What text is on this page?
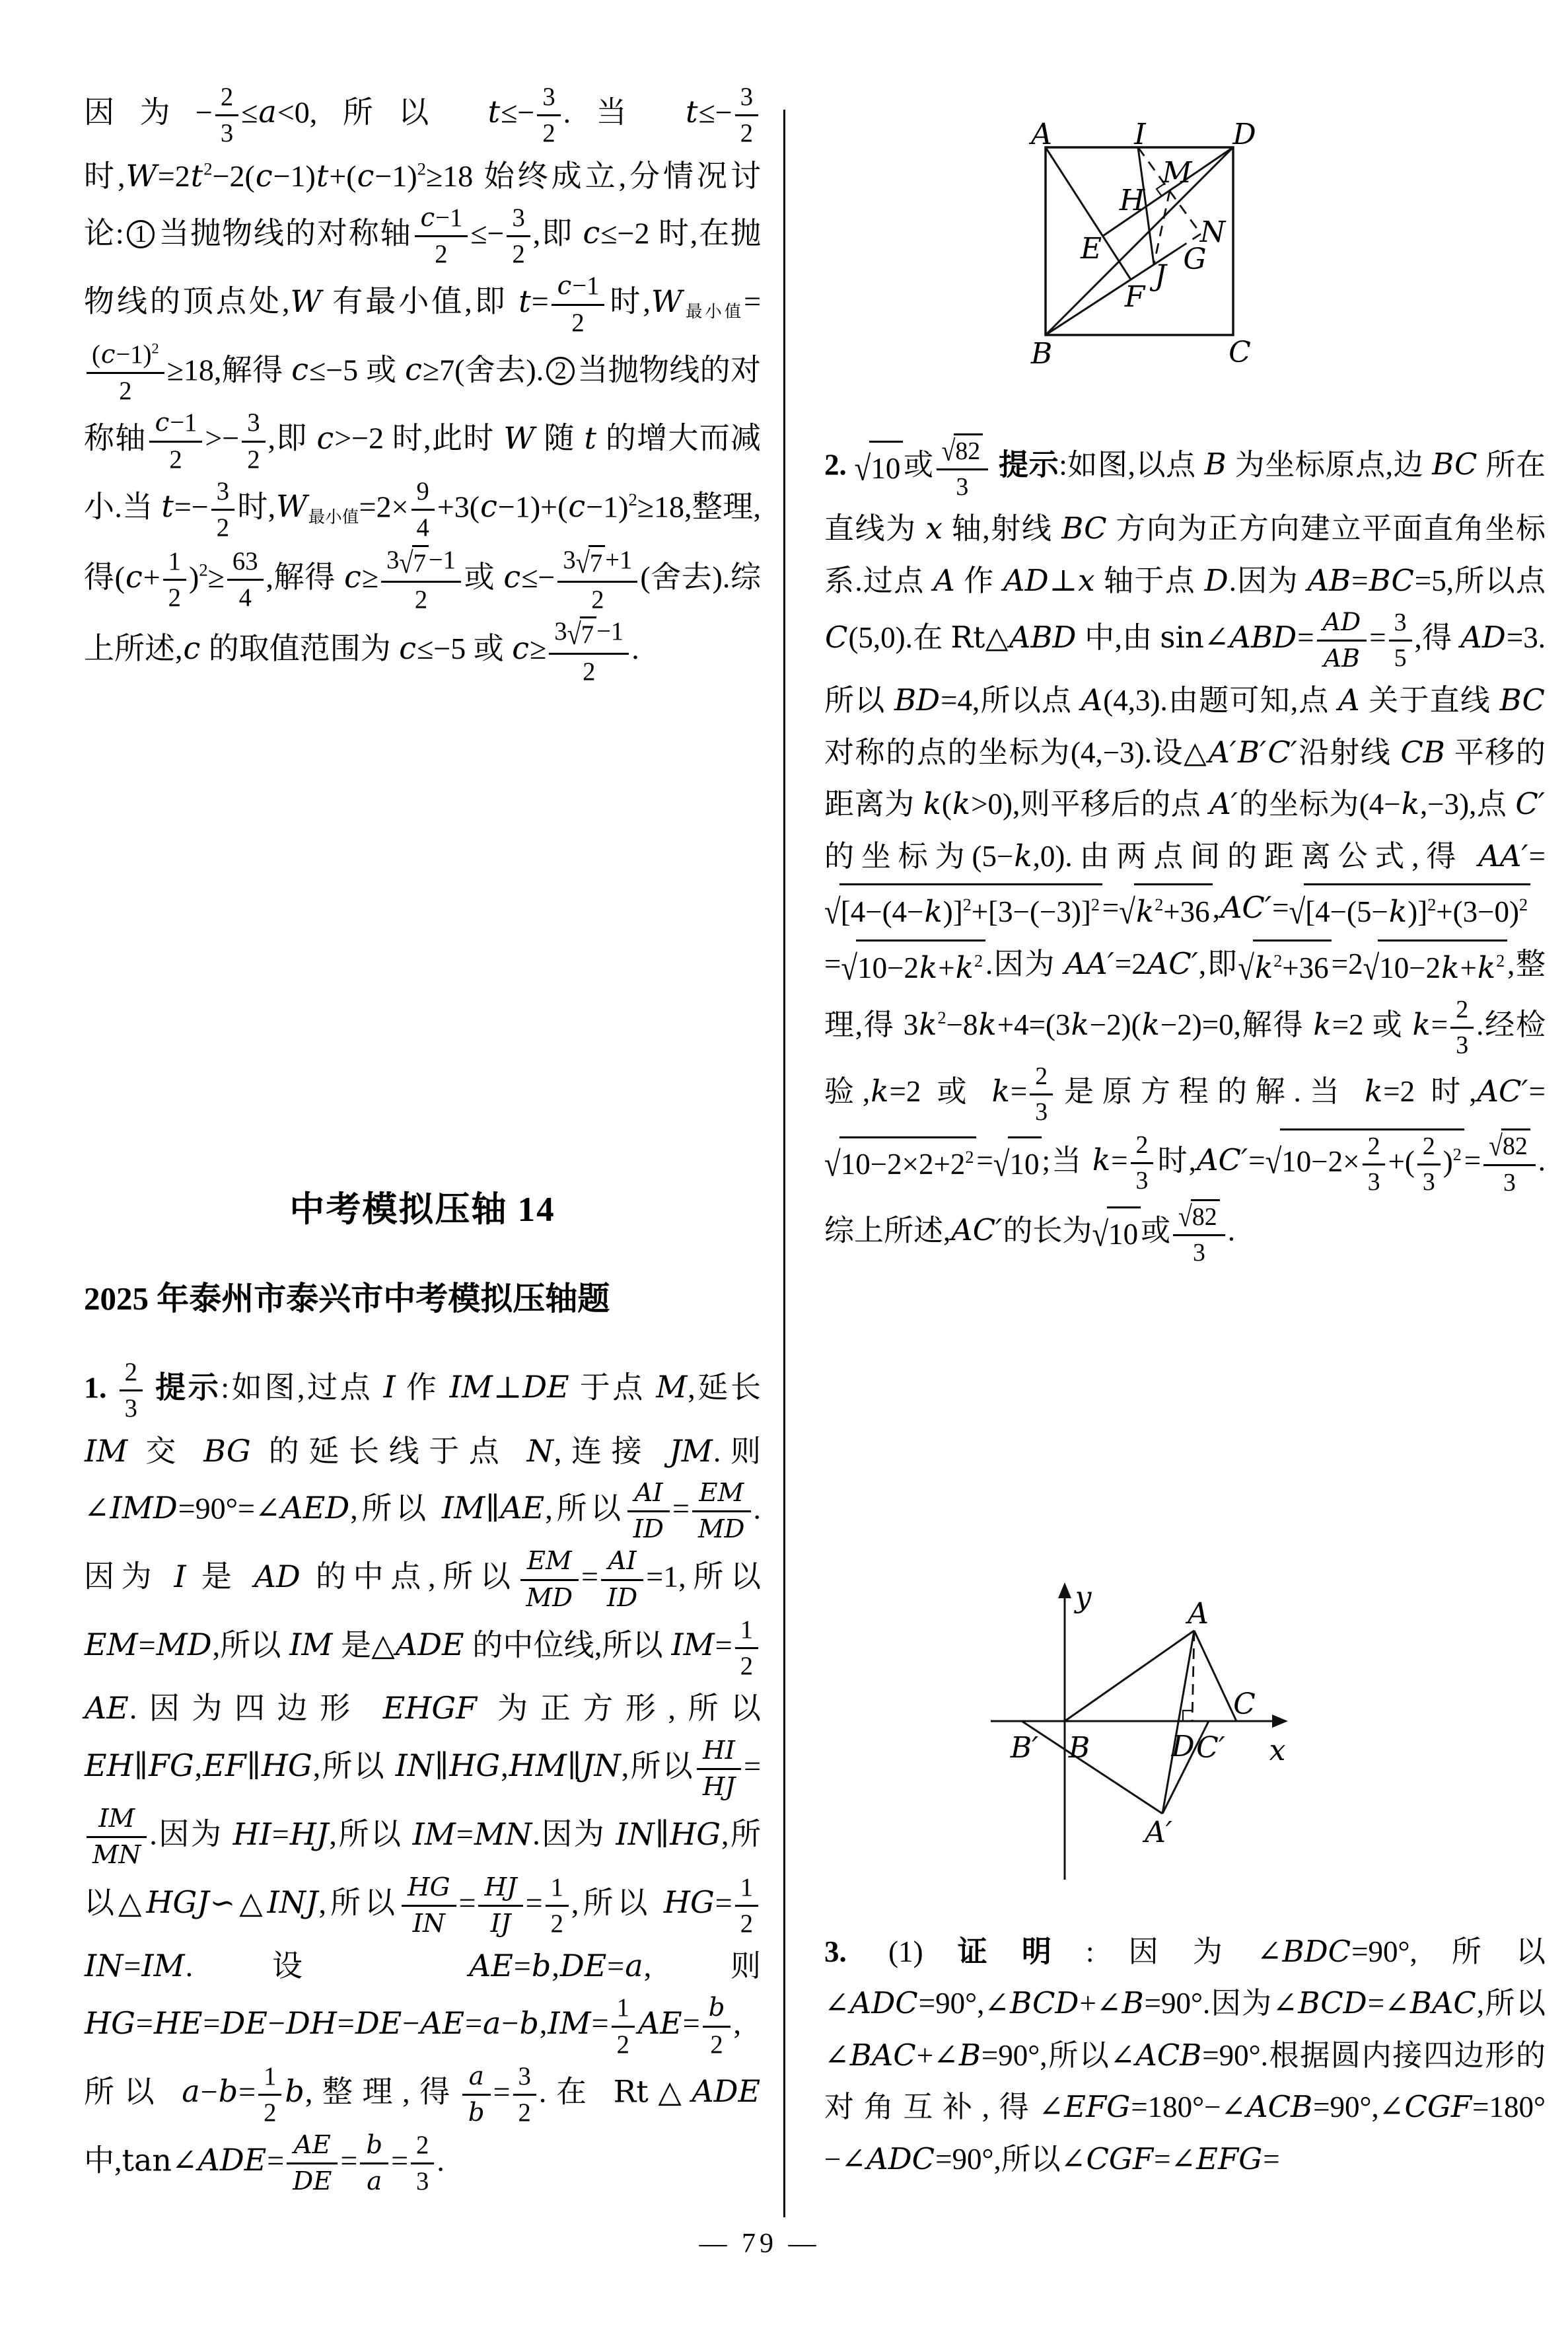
因为− $\frac{2}{3} \le a<0$,所以 $t\le- \frac{3}{2}$ .当 $t\le- \frac{3}{2}$
时$,W=2t^2-2(c-1)t+(c-1)^2\ge 18$ 始终成立,分情况讨论: 1 当抛物线的对称轴 $\frac{c-1}{2} \le- \frac{3}{2}$ ,即 c≤−2 时,在抛物线的顶点处,W 有最小值,即 $t= \frac{c-1}{2}$ 时$,W_{最小值}=$
$\frac{(c-1)^2}{2} \ge 18$,解得 c≤−5 或 c≥7(舍去). 2 当抛物线的对称轴 $\frac{c-1}{2} >- \frac{3}{2}$ ,即 c>−2 时,此时 W 随 t 的增大而减小.当 $t=- \frac{3}{2}$ 时$,W_{最小值}=2\times \frac{9}{4} +3(c-1)+(c-1)^2\ge 18$,整理,得$(c+ \frac{1}{2} )^2\ge \frac{63}{4}$ ,解得 $c\ge \frac{3√7 -1}{2}$ 或 $c\le- \frac{3√7 +1}{2}$ (舍去).综上所述,c 的取值范围为 c≤−5 或 $c\ge \frac{3√7 -1}{2}$ .

中考模拟压轴 14
2025 年泰州市泰兴市中考模拟压轴题

1. $\frac{2}{3}$ 提示:如图,过点 I 作 IM⊥DE 于点 M,延长 IM 交 BG 的延长线于点 N,连接 JM.则∠IMD=90°=∠AED,所以 IM∥AE,所以 $\frac{AI}{ID} = \frac{EM}{MD}$ .因为 I 是 AD 的中点,所以 $\frac{EM}{MD} = \frac{AI}{ID} =1$,所以 EM=MD,所以 IM 是△ADE 的中位线,所以 $IM= \frac{1}{2}$
AE.因为四边形 EHGF 为正方形,所以 EH∥FG,EF∥HG,所以 IN∥HG,HM∥JN,所以 $\frac{HI}{HJ}$ =
$\frac{IM}{MN}$ .因为 HI=HJ,所以 IM=MN.因为 IN∥HG,所以△HGJ∽△INJ,所以 $\frac{HG}{IN} = \frac{HJ}{IJ} = \frac{1}{2}$ ,所以 $HG= \frac{1}{2}$
IN=IM.设 AE=b,DE=a,则 $HG=HE=DE-DH=DE-AE=a-b,IM= \frac{1}{2} AE= \frac{b}{2}$ ,所以 $a-b= \frac{1}{2} b$,整理,得 $\frac{a}{b} = \frac{3}{2}$ .在 Rt△ADE 中,tan∠ADE= $\frac{AE}{DE} = \frac{b}{a} = \frac{2}{3}$ .

A	I	D
M
H
E	N
G
J
F
B	C
y
x
A
C
B′ B	D C′
A′

2. √10或 $\frac{√82}{3}$ 提示:如图,以点 B 为坐标原点,边 BC 所在直线为 x 轴,射线 BC 方向为正方向建立平面直角坐标系.过点 A 作 AD⊥x 轴于点 D.因为 AB=BC=5,所以点 C(5,0).在 Rt△ABD 中,由 sin∠ABD= $\frac{AD}{AB} = \frac{3}{5}$ ,得 AD=3.所以 BD=4,所以点 A(4,3).由题可知,点 A 关于直线 BC 对称的点的坐标为(4,−3).设△A′B′C′沿射线 CB 平移的距离为 k(k>0),则平移后的点 A′的坐标为(4−k,−3),点 C′的坐标为(5−k,0).由两点间的距离公式,得 $AA'=√[4-(4-k)]^2+[3-(-3)]^2=√k^2+36,AC'=√[4-(5-k)]^2+(3-0)^2=√10-2k+k^2$.因为 AA′=2AC′,即$√k^2+36=2√10-2k+k^2$,整理,得 $3k^2-8k+4=(3k-2)(k-2)=0$,解得 k=2 或 $k= \frac{2}{3}$ .经检验,k=2 或 $k= \frac{2}{3}$ 是原方程的解.当 k=2 时$,AC'=√10-2\times 2+2^2=√10$;当 $k= \frac{2}{3}$ 时$,AC'=√10-2\times \frac{2}{3}$ +( $\frac{2}{3} )^2= \frac{√82}{3}$ .综上所述,AC′的长为√10或 $\frac{√82}{3}$ .

3. (1)证明:因为∠BDC=90°,所以∠ADC=90°,∠BCD+∠B=90°.因为∠BCD=∠BAC,所以∠BAC+∠B=90°,所以∠ACB=90°.根据圆内接四边形的对角互补,得∠EFG=180°−∠ACB=90°,∠CGF=180°−∠ADC=90°,所以∠CGF=∠EFG=

— 79 —
